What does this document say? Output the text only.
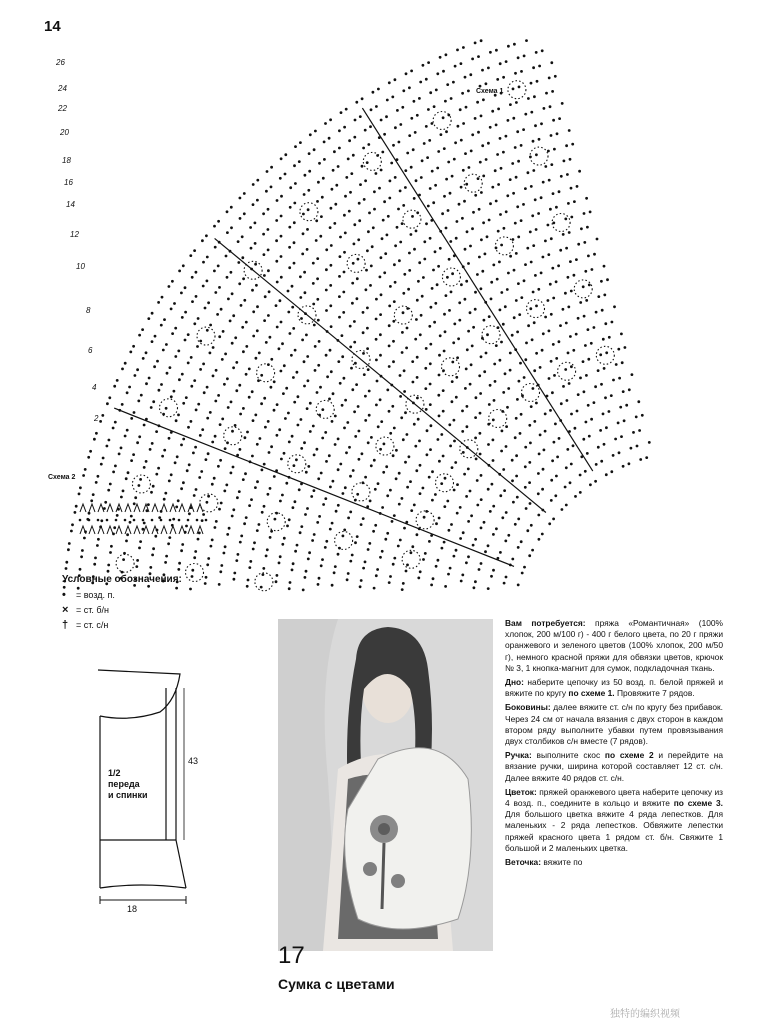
14
Схема 1
Схема 2
2
4
6
8
10
12
14
16
18
20
22
24
26
Условные обозначения:
•	= возд. п.
× = ст. б/н
† = ст. с/н
1/2
переда
и спинки
43
18
17
Сумка с цветами

Вам потребуется: пряжа «Романтичная» (100% хлопок, 200 м/100 г) - 400 г белого цвета, по 20 г пряжи оранжевого и зеленого цветов (100% хлопок, 200 м/50 г), немного красной пряжи для обвязки цветов, крючок № 3, 1 кнопка-магнит для сумок, подкладочная ткань.

Дно: наберите цепочку из 50 возд. п. белой пряжей и вяжите по кругу по схеме 1. Провяжите 7 рядов.

Боковины: далее вяжите ст. с/н по кругу без прибавок. Через 24 см от начала вязания с двух сторон в каждом втором ряду выполните убавки путем провязывания двух столбиков с/н вместе (7 рядов).

Ручка: выполните скос по схеме 2 и перейдите на вязание ручки, ширина которой составляет 12 ст. с/н. Далее вяжите 40 рядов ст. с/н.

Цветок: пряжей оранжевого цвета наберите цепочку из 4 возд. п., соедините в кольцо и вяжите по схеме 3. Для большого цветка вяжите 4 ряда лепестков. Для маленьких - 2 ряда лепестков. Обвяжите лепестки пряжей красного цвета 1 рядом ст. б/н. Свяжите 1 большой и 2 маленьких цветка.

Веточка: вяжите по

独特的编织视频
